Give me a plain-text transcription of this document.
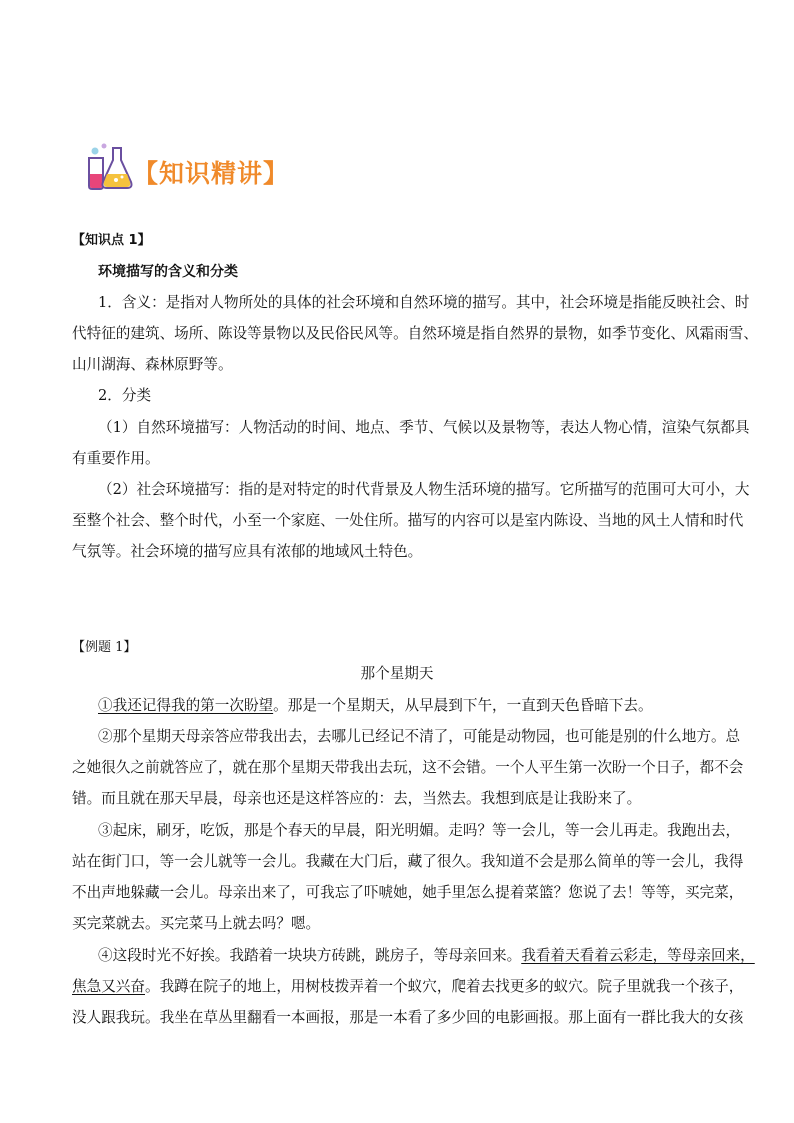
【知识精讲】
【知识点 1】
环境描写的含义和分类
1．含义：是指对人物所处的具体的社会环境和自然环境的描写。其中，社会环境是指能反映社会、时
代特征的建筑、场所、陈设等景物以及民俗民风等。自然环境是指自然界的景物，如季节变化、风霜雨雪、
山川湖海、森林原野等。
2．分类
（1）自然环境描写：人物活动的时间、地点、季节、气候以及景物等，表达人物心情，渲染气氛都具
有重要作用。
（2）社会环境描写：指的是对特定的时代背景及人物生活环境的描写。它所描写的范围可大可小，大
至整个社会、整个时代，小至一个家庭、一处住所。描写的内容可以是室内陈设、当地的风土人情和时代
气氛等。社会环境的描写应具有浓郁的地域风土特色。
【例题 1】
那个星期天
①我还记得我的第一次盼望。那是一个星期天，从早晨到下午，一直到天色昏暗下去。
②那个星期天母亲答应带我出去，去哪儿已经记不清了，可能是动物园，也可能是别的什么地方。总
之她很久之前就答应了，就在那个星期天带我出去玩，这不会错。一个人平生第一次盼一个日子，都不会
错。而且就在那天早晨，母亲也还是这样答应的：去，当然去。我想到底是让我盼来了。
③起床，刷牙，吃饭，那是个春天的早晨，阳光明媚。走吗？等一会儿，等一会儿再走。我跑出去，
站在街门口，等一会儿就等一会儿。我藏在大门后，藏了很久。我知道不会是那么简单的等一会儿，我得
不出声地躲藏一会儿。母亲出来了，可我忘了吓唬她，她手里怎么提着菜篮？您说了去！等等，买完菜，
买完菜就去。买完菜马上就去吗？嗯。
④这段时光不好挨。我踏着一块块方砖跳，跳房子，等母亲回来。我看着天看着云彩走，等母亲回来，
焦急又兴奋。我蹲在院子的地上，用树枝拨弄着一个蚁穴，爬着去找更多的蚁穴。院子里就我一个孩子，
没人跟我玩。我坐在草丛里翻看一本画报，那是一本看了多少回的电影画报。那上面有一群比我大的女孩
